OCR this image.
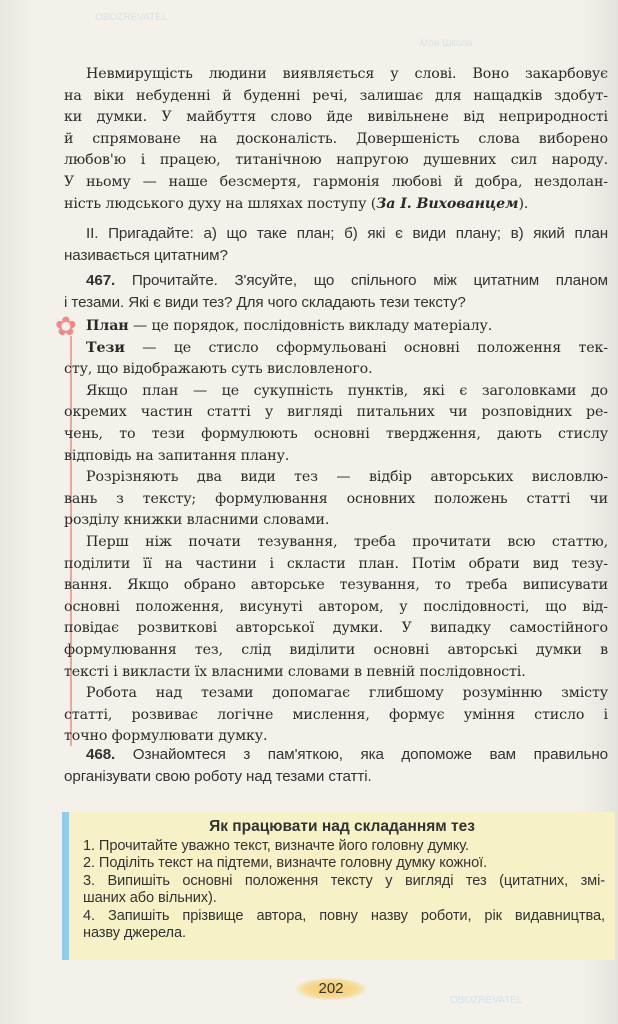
OBOZREVATEL
Моя Школа
OBOZREVATEL
Невмирущість людини виявляється у слові. Воно закарбовує
на віки небуденні й буденні речі, залишає для нащадків здобут-
ки думки. У майбуття слово йде вивільнене від неприродності
й спрямоване на досконалість. Довершеність слова виборено
любов'ю і працею, титанічною напругою душевних сил народу.
У ньому — наше безсмертя, гармонія любові й добра, нездолан-
ність людського духу на шляхах поступу (За І. Вихованцем).
ІІ. Пригадайте: а) що таке план; б) які є види плану; в) який план
називається цитатним?
467. Прочитайте. З'ясуйте, що спільного між цитатним планом
і тезами. Які є види тез? Для чого складають тези тексту?
✿ План — це порядок, послідовність викладу матеріалу.
Тези — це стисло сформульовані основні положення тек-
сту, що відображають суть висловленого.
Якщо план — це сукупність пунктів, які є заголовками до
окремих частин статті у вигляді питальних чи розповідних ре-
чень, то тези формулюють основні твердження, дають стислу
відповідь на запитання плану.
Розрізняють два види тез — відбір авторських висловлю-
вань з тексту; формулювання основних положень статті чи
розділу книжки власними словами.
Перш ніж почати тезування, треба прочитати всю статтю,
поділити її на частини і скласти план. Потім обрати вид тезу-
вання. Якщо обрано авторське тезування, то треба виписувати
основні положення, висунуті автором, у послідовності, що від-
повідає розвиткові авторської думки. У випадку самостійного
формулювання тез, слід виділити основні авторські думки в
тексті і викласти їх власними словами в певній послідовності.
Робота над тезами допомагає глибшому розумінню змісту
статті, розвиває логічне мислення, формує уміння стисло і
точно формулювати думку.
468. Ознайомтеся з пам'яткою, яка допоможе вам правильно
організувати свою роботу над тезами статті.
Як працювати над складанням тез
1. Прочитайте уважно текст, визначте його головну думку.
2. Поділіть текст на підтеми, визначте головну думку кожної.
3. Випишіть основні положення тексту у вигляді тез (цитатних, змі-
шаних або вільних).
4. Запишіть прізвище автора, повну назву роботи, рік видавництва,
назву джерела.
202
